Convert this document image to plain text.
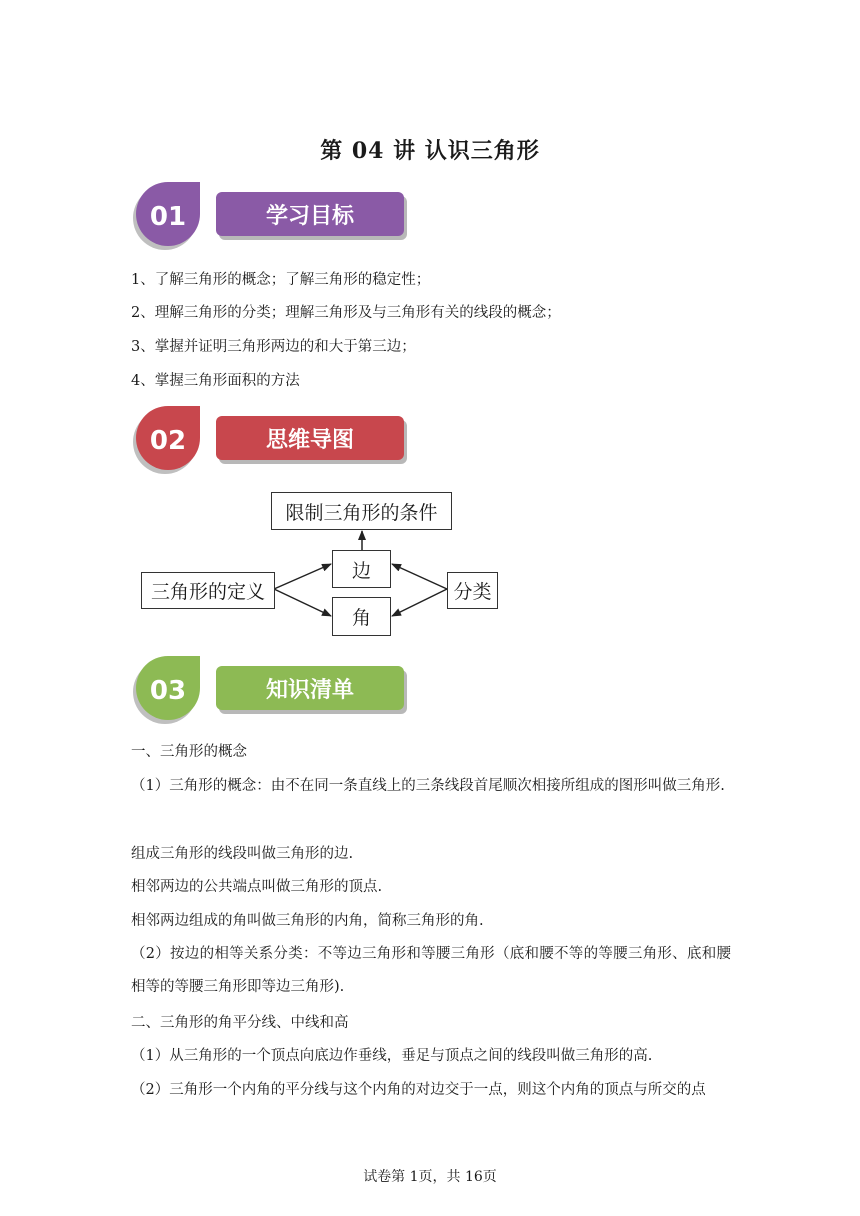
第 04 讲 认识三角形
01	学习目标
1、了解三角形的概念；了解三角形的稳定性；
2、理解三角形的分类；理解三角形及与三角形有关的线段的概念；
3、掌握并证明三角形两边的和大于第三边；
4、掌握三角形面积的方法
02	思维导图
限制三角形的条件
三角形的定义
边
角
分类
03	知识清单
一、三角形的概念
（1）三角形的概念：由不在同一条直线上的三条线段首尾顺次相接所组成的图形叫做三角形.
组成三角形的线段叫做三角形的边.
相邻两边的公共端点叫做三角形的顶点.
相邻两边组成的角叫做三角形的内角，简称三角形的角.
（2）按边的相等关系分类：不等边三角形和等腰三角形（底和腰不等的等腰三角形、底和腰相等的等腰三角形即等边三角形).
二、三角形的角平分线、中线和高
（1）从三角形的一个顶点向底边作垂线，垂足与顶点之间的线段叫做三角形的高.
（2）三角形一个内角的平分线与这个内角的对边交于一点，则这个内角的顶点与所交的点
试卷第 1页，共 16页
